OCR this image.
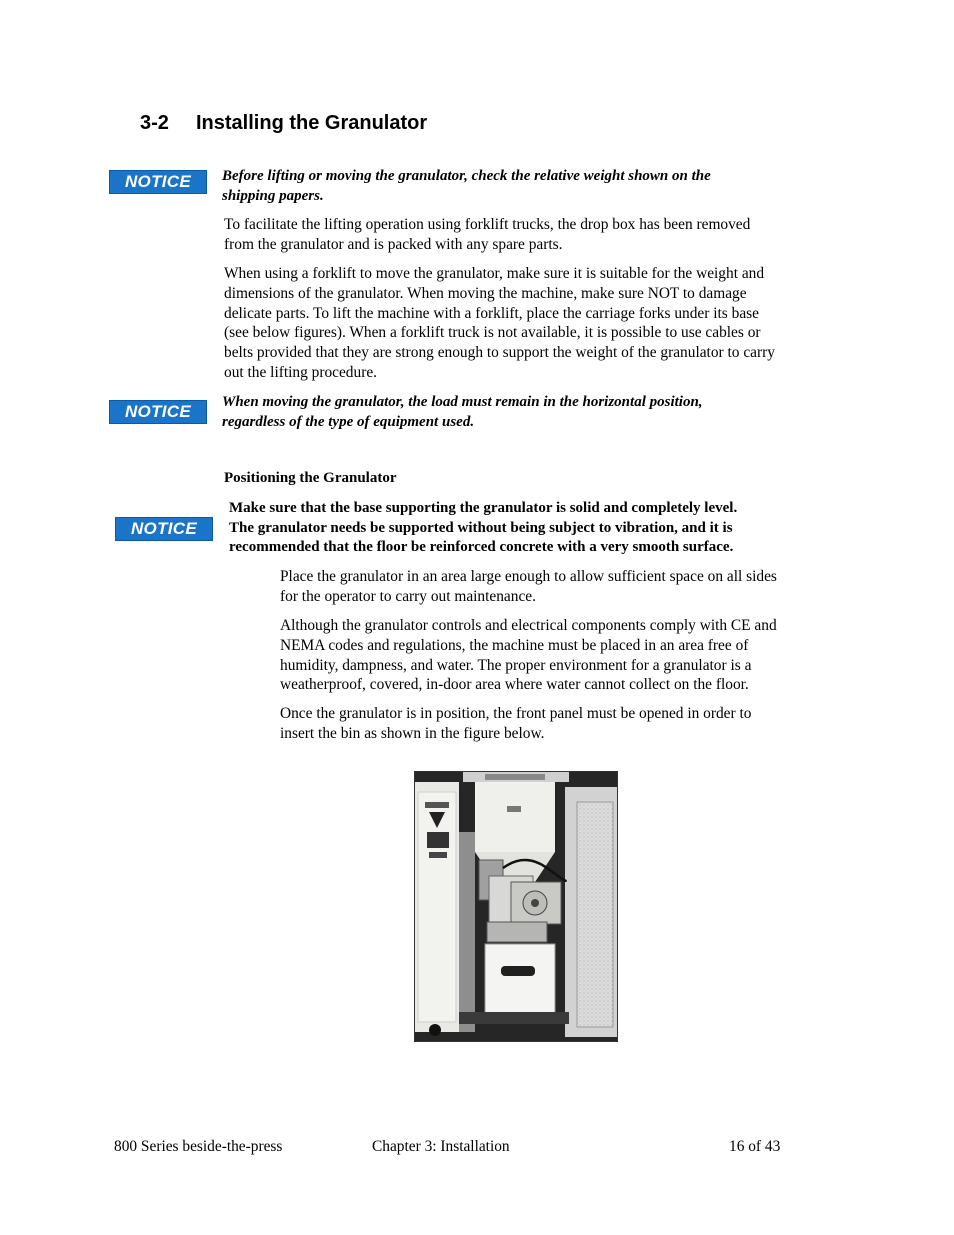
3-2 Installing the Granulator
NOTICE	Before lifting or moving the granulator, check the relative weight shown on the
shipping papers.
To facilitate the lifting operation using forklift trucks, the drop box has been removed
from the granulator and is packed with any spare parts.
When using a forklift to move the granulator, make sure it is suitable for the weight and
dimensions of the granulator. When moving the machine, make sure NOT to damage
delicate parts. To lift the machine with a forklift, place the carriage forks under its base
(see below figures). When a forklift truck is not available, it is possible to use cables or
belts provided that they are strong enough to support the weight of the granulator to carry
out the lifting procedure.
NOTICE	When moving the granulator, the load must remain in the horizontal position,
regardless of the type of equipment used.
Positioning the Granulator
NOTICE
Make sure that the base supporting the granulator is solid and completely level.
The granulator needs be supported without being subject to vibration, and it is
recommended that the floor be reinforced concrete with a very smooth surface.
Place the granulator in an area large enough to allow sufficient space on all sides
for the operator to carry out maintenance.
Although the granulator controls and electrical components comply with CE and
NEMA codes and regulations, the machine must be placed in an area free of
humidity, dampness, and water. The proper environment for a granulator is a
weatherproof, covered, in-door area where water cannot collect on the floor.
Once the granulator is in position, the front panel must be opened in order to
insert the bin as shown in the figure below.
800 Series beside-the-press	Chapter 3: Installation	16 of 43
